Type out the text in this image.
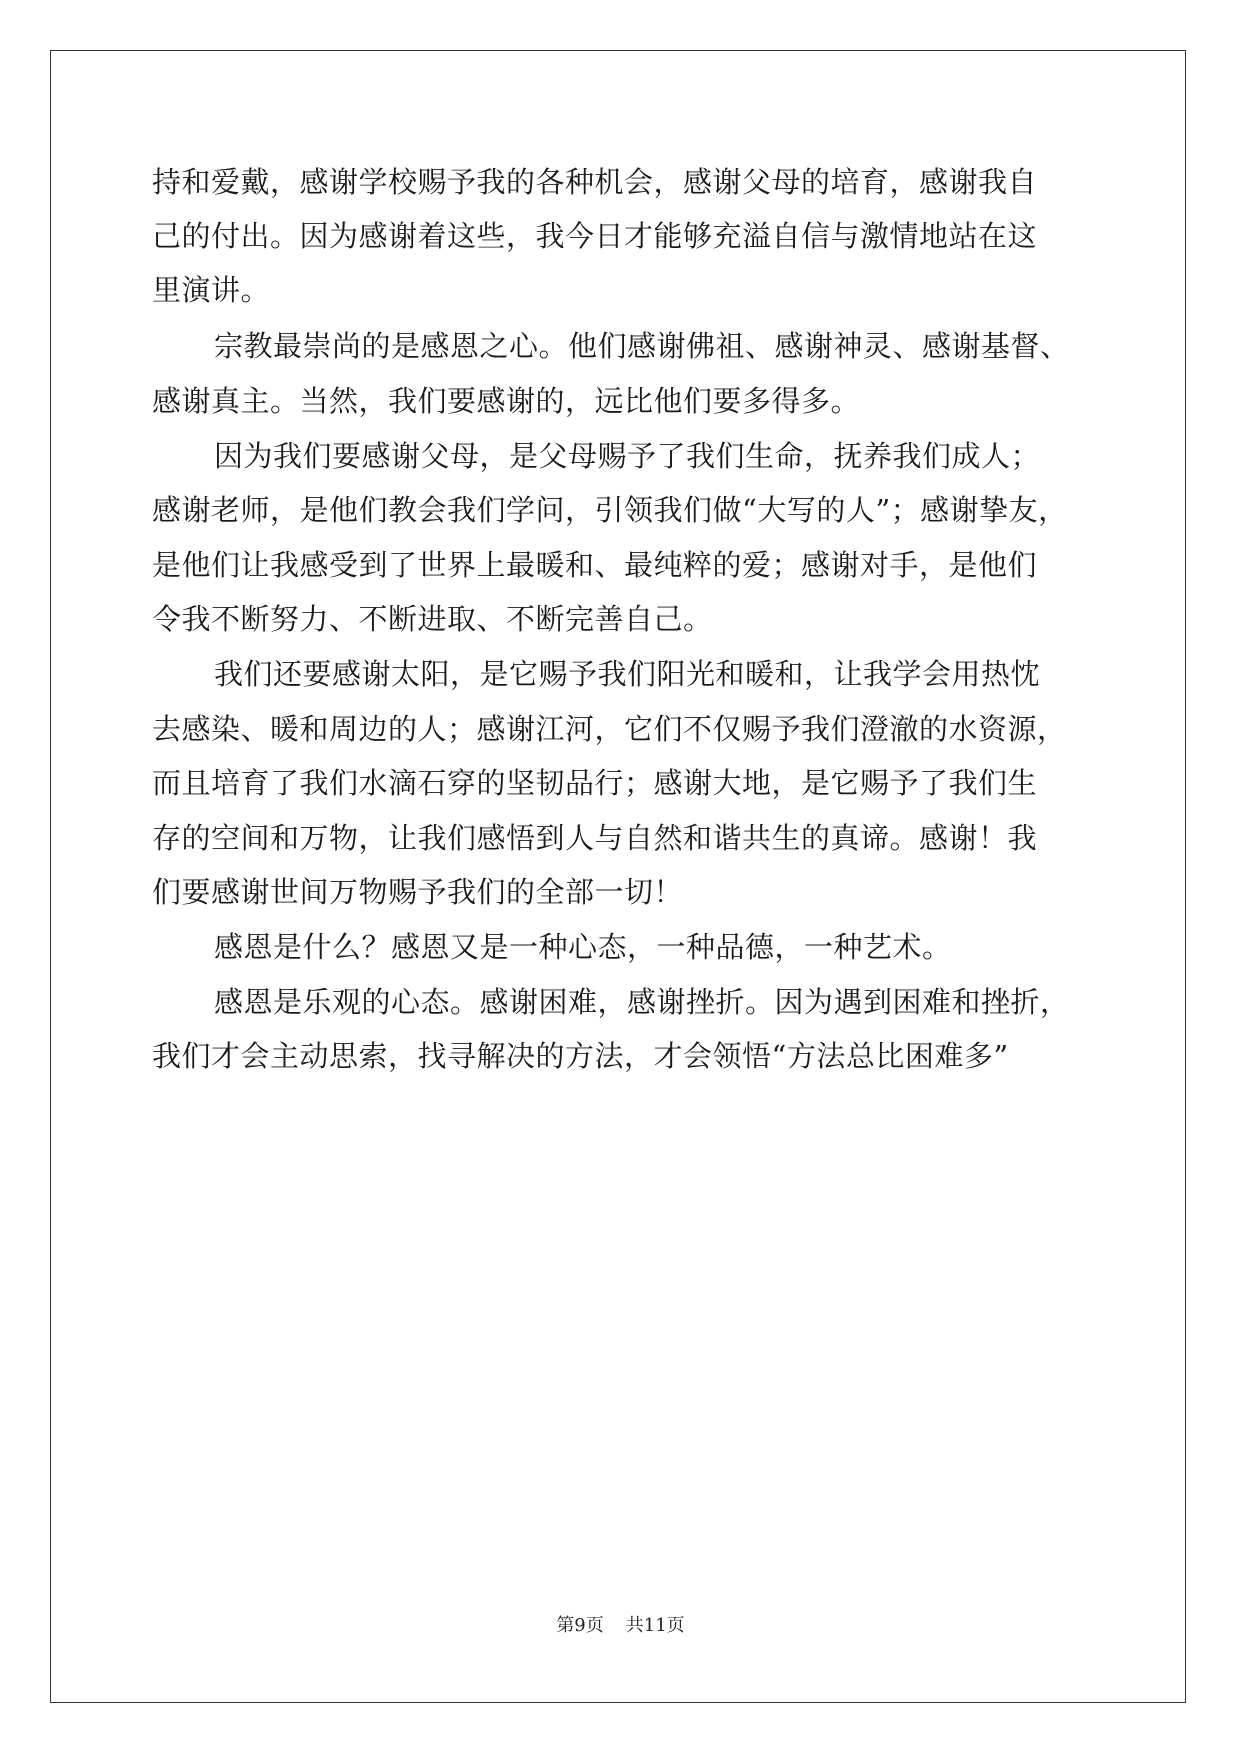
持和爱戴，感谢学校赐予我的各种机会，感谢父母的培育，感谢我自
己的付出。因为感谢着这些，我今日才能够充溢自信与激情地站在这
里演讲。
宗教最崇尚的是感恩之心。他们感谢佛祖、感谢神灵、感谢基督、
感谢真主。当然，我们要感谢的，远比他们要多得多。
因为我们要感谢父母，是父母赐予了我们生命，抚养我们成人；
感谢老师，是他们教会我们学问，引领我们做“大写的人”；感谢挚友，
是他们让我感受到了世界上最暖和、最纯粹的爱；感谢对手，是他们
令我不断努力、不断进取、不断完善自己。
我们还要感谢太阳，是它赐予我们阳光和暖和，让我学会用热忱
去感染、暖和周边的人；感谢江河，它们不仅赐予我们澄澈的水资源，
而且培育了我们水滴石穿的坚韧品行；感谢大地，是它赐予了我们生
存的空间和万物，让我们感悟到人与自然和谐共生的真谛。感谢！我
们要感谢世间万物赐予我们的全部一切！
感恩是什么？感恩又是一种心态，一种品德，一种艺术。
感恩是乐观的心态。感谢困难，感谢挫折。因为遇到困难和挫折，
我们才会主动思索，找寻解决的方法，才会领悟“方法总比困难多”
第9页 共11页
